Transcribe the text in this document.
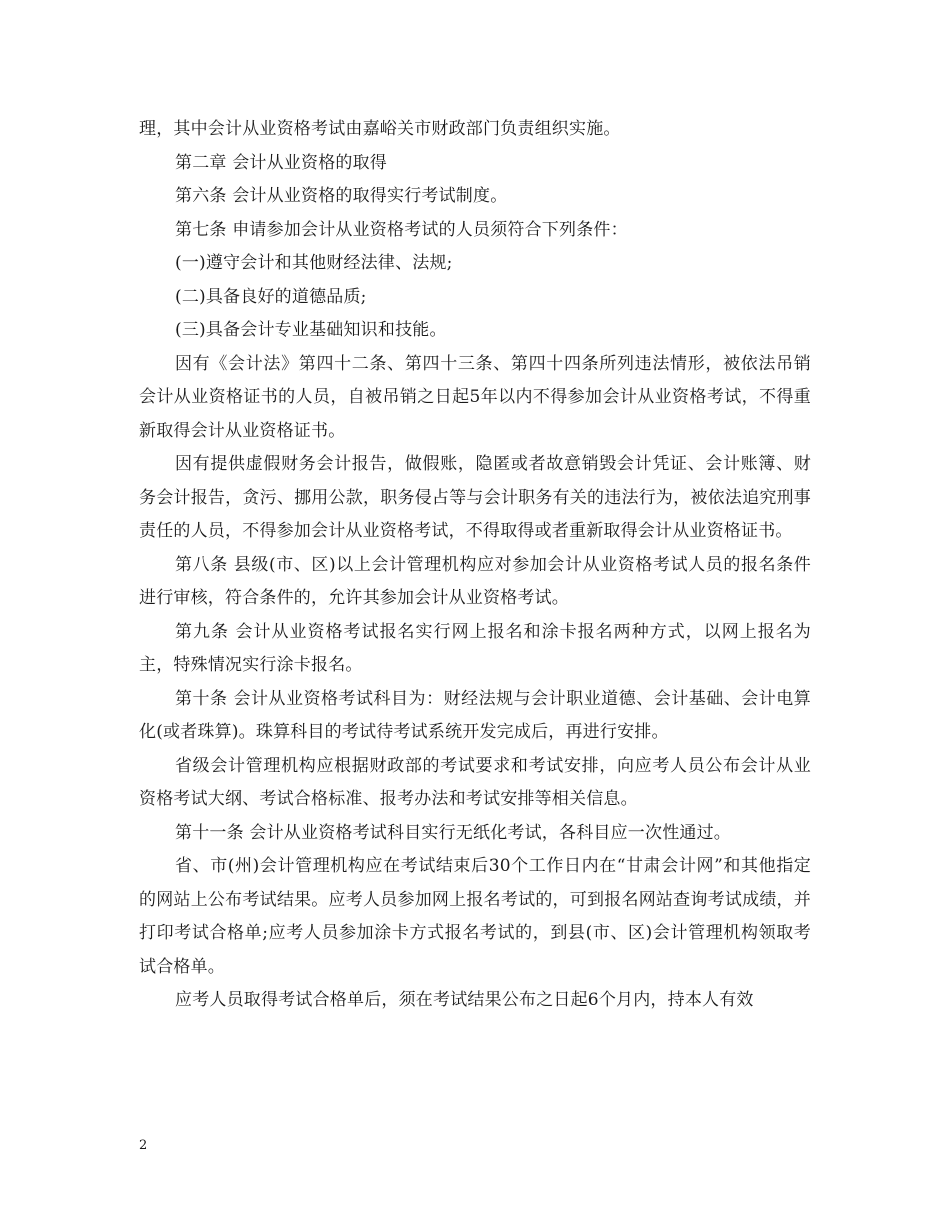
理，其中会计从业资格考试由嘉峪关市财政部门负责组织实施。

第二章 会计从业资格的取得

第六条 会计从业资格的取得实行考试制度。

第七条 申请参加会计从业资格考试的人员须符合下列条件：

(一)遵守会计和其他财经法律、法规;

(二)具备良好的道德品质;

(三)具备会计专业基础知识和技能。

因有《会计法》第四十二条、第四十三条、第四十四条所列违法情形，被依法吊销会计从业资格证书的人员，自被吊销之日起5年以内不得参加会计从业资格考试，不得重新取得会计从业资格证书。

因有提供虚假财务会计报告，做假账，隐匿或者故意销毁会计凭证、会计账簿、财务会计报告，贪污、挪用公款，职务侵占等与会计职务有关的违法行为，被依法追究刑事责任的人员，不得参加会计从业资格考试，不得取得或者重新取得会计从业资格证书。

第八条 县级(市、区)以上会计管理机构应对参加会计从业资格考试人员的报名条件进行审核，符合条件的，允许其参加会计从业资格考试。

第九条 会计从业资格考试报名实行网上报名和涂卡报名两种方式，以网上报名为主，特殊情况实行涂卡报名。

第十条 会计从业资格考试科目为：财经法规与会计职业道德、会计基础、会计电算化(或者珠算)。珠算科目的考试待考试系统开发完成后，再进行安排。

省级会计管理机构应根据财政部的考试要求和考试安排，向应考人员公布会计从业资格考试大纲、考试合格标准、报考办法和考试安排等相关信息。

第十一条 会计从业资格考试科目实行无纸化考试，各科目应一次性通过。

省、市(州)会计管理机构应在考试结束后30个工作日内在“甘肃会计网”和其他指定的网站上公布考试结果。应考人员参加网上报名考试的，可到报名网站查询考试成绩，并打印考试合格单;应考人员参加涂卡方式报名考试的，到县(市、区)会计管理机构领取考试合格单。

应考人员取得考试合格单后，须在考试结果公布之日起6个月内，持本人有效

2
